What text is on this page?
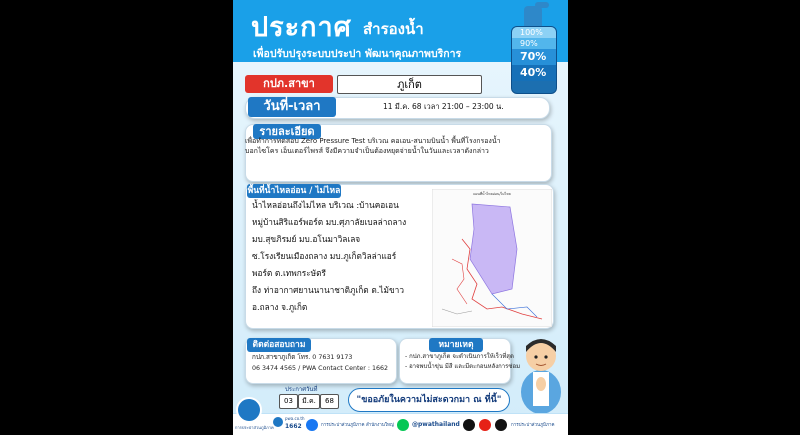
ประกาศ สำรองน้ำ
เพื่อปรับปรุงระบบประปา พัฒนาคุณภาพบริการ
100%
90%
70%
40%
กปภ.สาขา	ภูเก็ต
วันที่-เวลา	11 มี.ค. 68 เวลา 21:00 – 23:00 น.
รายละเอียด
เพื่อทำการทดสอบ Zero Pressure Test บริเวณ คอเอน-สนามบินน้ำ พื้นที่โรงกรองน้ำ
บอกไซโคร เอ็นเตอร์ไพรส์ จึงมีความจำเป็นต้องหยุดจ่ายน้ำในวันและเวลาดังกล่าว
พื้นที่น้ำไหลอ่อน / ไม่ไหล
น้ำไหลอ่อนถึงไม่ไหล บริเวณ :บ้านคอเอน
หมู่บ้านสิริแอร์พอร์ต มบ.ศุภาลัยเบลล่าถลาง
มบ.สุขภิรมย์ มบ.อโนมาวิลเลจ
ซ.โรงเรียนเมืองถลาง มบ.ภูเก็ตวิลล่าแอร์
พอร์ต ต.เทพกระษัตรี
ถึง ท่าอากาศยานนานาชาติภูเก็ต ต.ไม้ขาว
อ.ถลาง จ.ภูเก็ต
แผนที่น้ำไหลอ่อน/ไม่ไหล
ติดต่อสอบถาม
กปภ.สาขาภูเก็ต โทร. 0 7631 9173
06 3474 4565 / PWA Contact Center : 1662
หมายเหตุ
- กปภ.สาขาภูเก็ต จะดำเนินการให้เร็วที่สุด
- อาจพบน้ำขุ่น มีสี และมีตะกอนหลังการซ่อม
ประกาศวันที่
03	มี.ค.	68	"ขออภัยในความไม่สะดวกมา ณ ที่นี้"
การประปาส่วนภูมิภาค
pwa.co.th
1662	การประปาส่วนภูมิภาค สำนักงานใหญ่	@pwathailand	การประปาส่วนภูมิภาค
